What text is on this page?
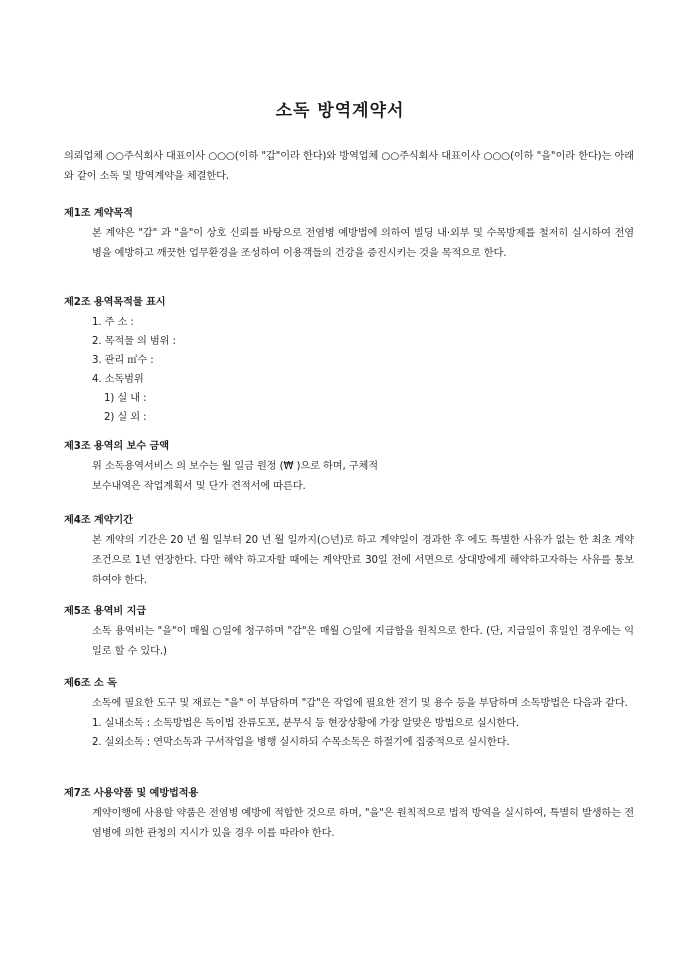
소독 방역계약서
의뢰업체 ○○주식회사 대표이사 ○○○(이하 "갑"이라 한다)와 방역업체 ○○주식회사 대표이사 ○○○(이하 "을"이라 한다)는 아래와 같이 소독 및 방역계약을 체결한다.
제1조 계약목적
본 계약은 "갑" 과 "을"이 상호 신뢰를 바탕으로 전염병 예방법에 의하여 빌딩 내·외부 및 수목방제를 철저히 실시하여 전염병을 예방하고 깨끗한 업무환경을 조성하여 이용객들의 건강을 증진시키는 것을 목적으로 한다.
제2조 용역목적물 표시
1. 주 소 :
2. 목적물 의 범위 :
3. 관리 ㎡수 :
4. 소독범위
1) 실 내 :
2) 실 외 :
제3조 용역의 보수 금액
위 소독용역서비스 의 보수는 월 일금 원정 (₩ )으로 하며, 구체적
보수내역은 작업계획서 및 단가 견적서에 따른다.
제4조 계약기간
본 계약의 기간은 20 년 월 일부터 20 년 월 일까지(○년)로 하고 계약일이 경과한 후 에도 특별한 사유가 없는 한 최초 계약조건으로 1년 연장한다. 다만 해약 하고자할 때에는 계약만료 30일 전에 서면으로 상대방에게 해약하고자하는 사유를 통보하여야 한다.
제5조 용역비 지급
소독 용역비는 "을"이 매월 ○일에 청구하며 "갑"은 매월 ○일에 지급함을 원칙으로 한다. (단, 지급일이 휴일인 경우에는 익일로 할 수 있다.)
제6조 소 독
소독에 필요한 도구 및 재료는 "을" 이 부담하며 "갑"은 작업에 필요한 전기 및 용수 등을 부담하며 소독방법은 다음과 같다.
1. 실내소독 : 소독방법은 독이법 잔류도포, 분무식 등 현장상황에 가장 알맞은 방법으로 실시한다.
2. 실외소독 : 연막소독과 구서작업을 병행 실시하되 수목소독은 하절기에 집중적으로 실시한다.
제7조 사용약품 및 예방법적용
계약이행에 사용할 약품은 전염병 예방에 적합한 것으로 하며, "을"은 원칙적으로 법적 방역을 실시하여, 특별히 발생하는 전염병에 의한 관청의 지시가 있을 경우 이를 따라야 한다.
